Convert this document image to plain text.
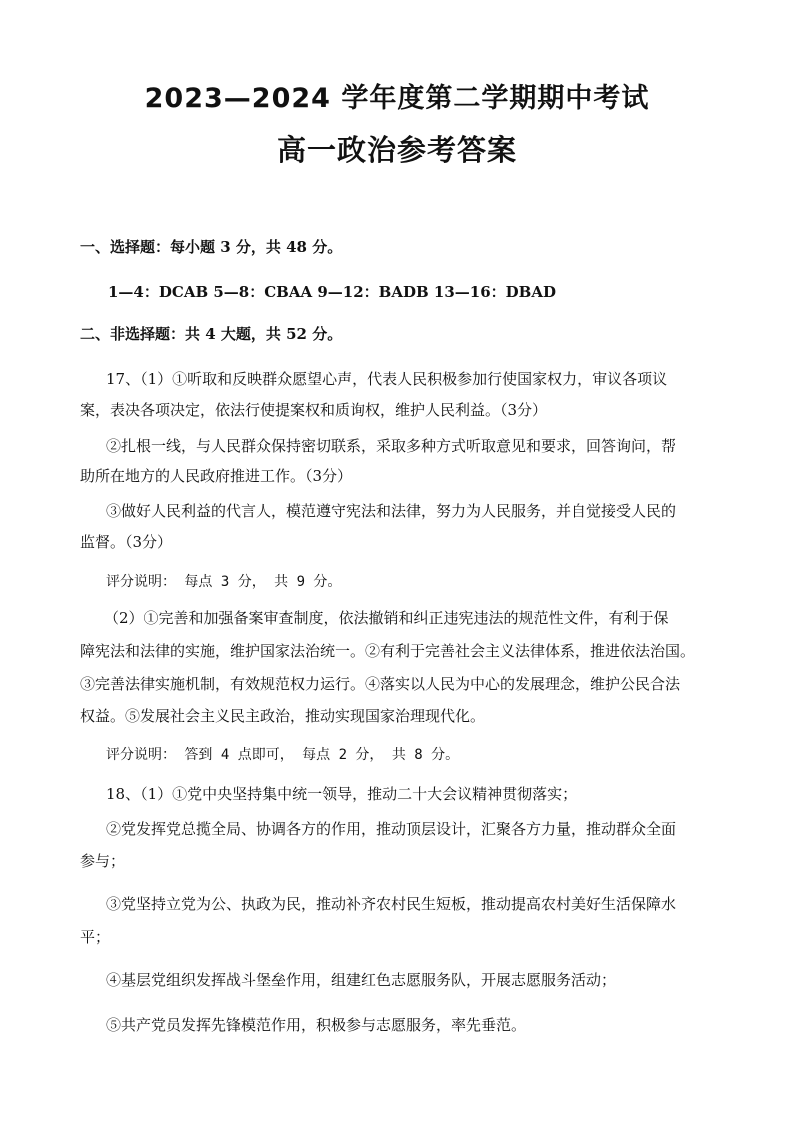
2023—2024 学年度第二学期期中考试
高一政治参考答案
一、选择题：每小题 3 分，共 48 分。
1—4：DCAB 5—8：CBAA 9—12：BADB 13—16：DBAD
二、非选择题：共 4 大题，共 52 分。
17、（1）①听取和反映群众愿望心声，代表人民积极参加行使国家权力，审议各项议
案，表决各项决定，依法行使提案权和质询权，维护人民利益。（3分）
②扎根一线，与人民群众保持密切联系，采取多种方式听取意见和要求，回答询问，帮
助所在地方的人民政府推进工作。（3分）
③做好人民利益的代言人，模范遵守宪法和法律，努力为人民服务，并自觉接受人民的
监督。（3分）
评分说明： 每点 3 分， 共 9 分。
（2）①完善和加强备案审查制度，依法撤销和纠正违宪违法的规范性文件，有利于保
障宪法和法律的实施，维护国家法治统一。②有利于完善社会主义法律体系，推进依法治国。
③完善法律实施机制，有效规范权力运行。④落实以人民为中心的发展理念，维护公民合法
权益。⑤发展社会主义民主政治，推动实现国家治理现代化。
评分说明： 答到 4 点即可， 每点 2 分， 共 8 分。
18、（1）①党中央坚持集中统一领导，推动二十大会议精神贯彻落实；
②党发挥党总揽全局、协调各方的作用，推动顶层设计，汇聚各方力量，推动群众全面
参与；
③党坚持立党为公、执政为民，推动补齐农村民生短板，推动提高农村美好生活保障水
平；
④基层党组织发挥战斗堡垒作用，组建红色志愿服务队，开展志愿服务活动；
⑤共产党员发挥先锋模范作用，积极参与志愿服务，率先垂范。
